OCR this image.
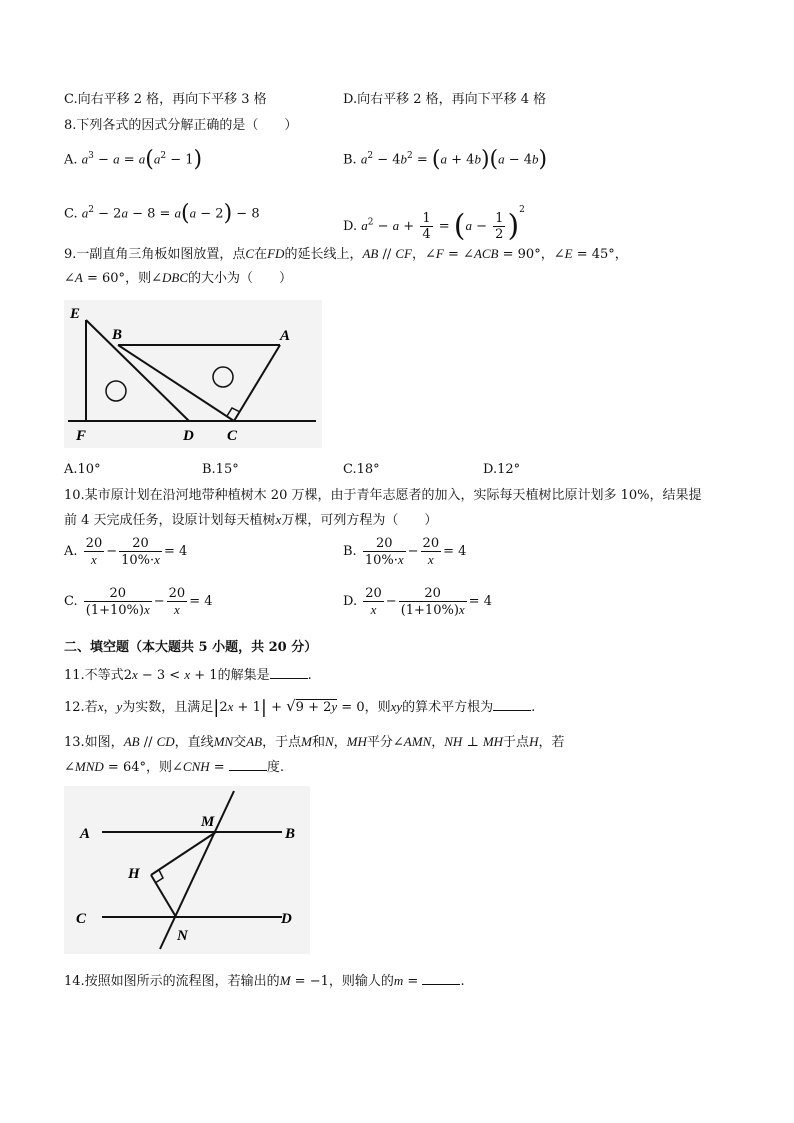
C.向右平移 2 格，再向下平移 3 格	D.向右平移 2 格，再向下平移 4 格
8.下列各式的因式分解正确的是（　　）
A. $a^3 - a = a(a^2 - 1)$	B. $a^2 - 4b^2 = (a + 4b)(a - 4b)$
C. $a^2 - 2a - 8 = a(a - 2) - 8$
D. $a^2 - a + \frac{1}{4} = (a - \frac{1}{2} )^2$
9.一副直角三角板如图放置，点C在FD的延长线上，AB // CF，∠F = ∠ACB = 90°，∠E = 45°，
∠A = 60°，则∠DBC的大小为（　　）
E
B	A
F	D C
A.10°	B.15°	C.18°	D.12°
10.某市原计划在沿河地带种植树木 20 万棵，由于青年志愿者的加入，实际每天植树比原计划多 10%，结果提
前 4 天完成任务，设原计划每天植树x万棵，可列方程为（　　）
A. $\frac{20}{x} - \frac{20}{10\%\cdot x} = 4$	B. $\frac{20}{10\%\cdot x} - \frac{20}{x} = 4$
C. $\frac{20}{(1+10\%)x} - \frac{20}{x} = 4$	D. $\frac{20}{x} - \frac{20}{(1+10\%)x} = 4$
二、填空题（本大题共 5 小题，共 20 分）
11.不等式2x − 3 < x + 1的解集是	.
12.若x，y为实数，且满足|2x + 1| + √9 + 2y = 0，则xy的算术平方根为	.
13.如图，AB // CD，直线MN交AB，于点M和N，MH平分∠AMN，NH ⊥ MH于点H，若
∠MND = 64°，则∠CNH =	度.
A
M
B
H
C
N
D
14.按照如图所示的流程图，若输出的M = −1，则输人的m =	.
